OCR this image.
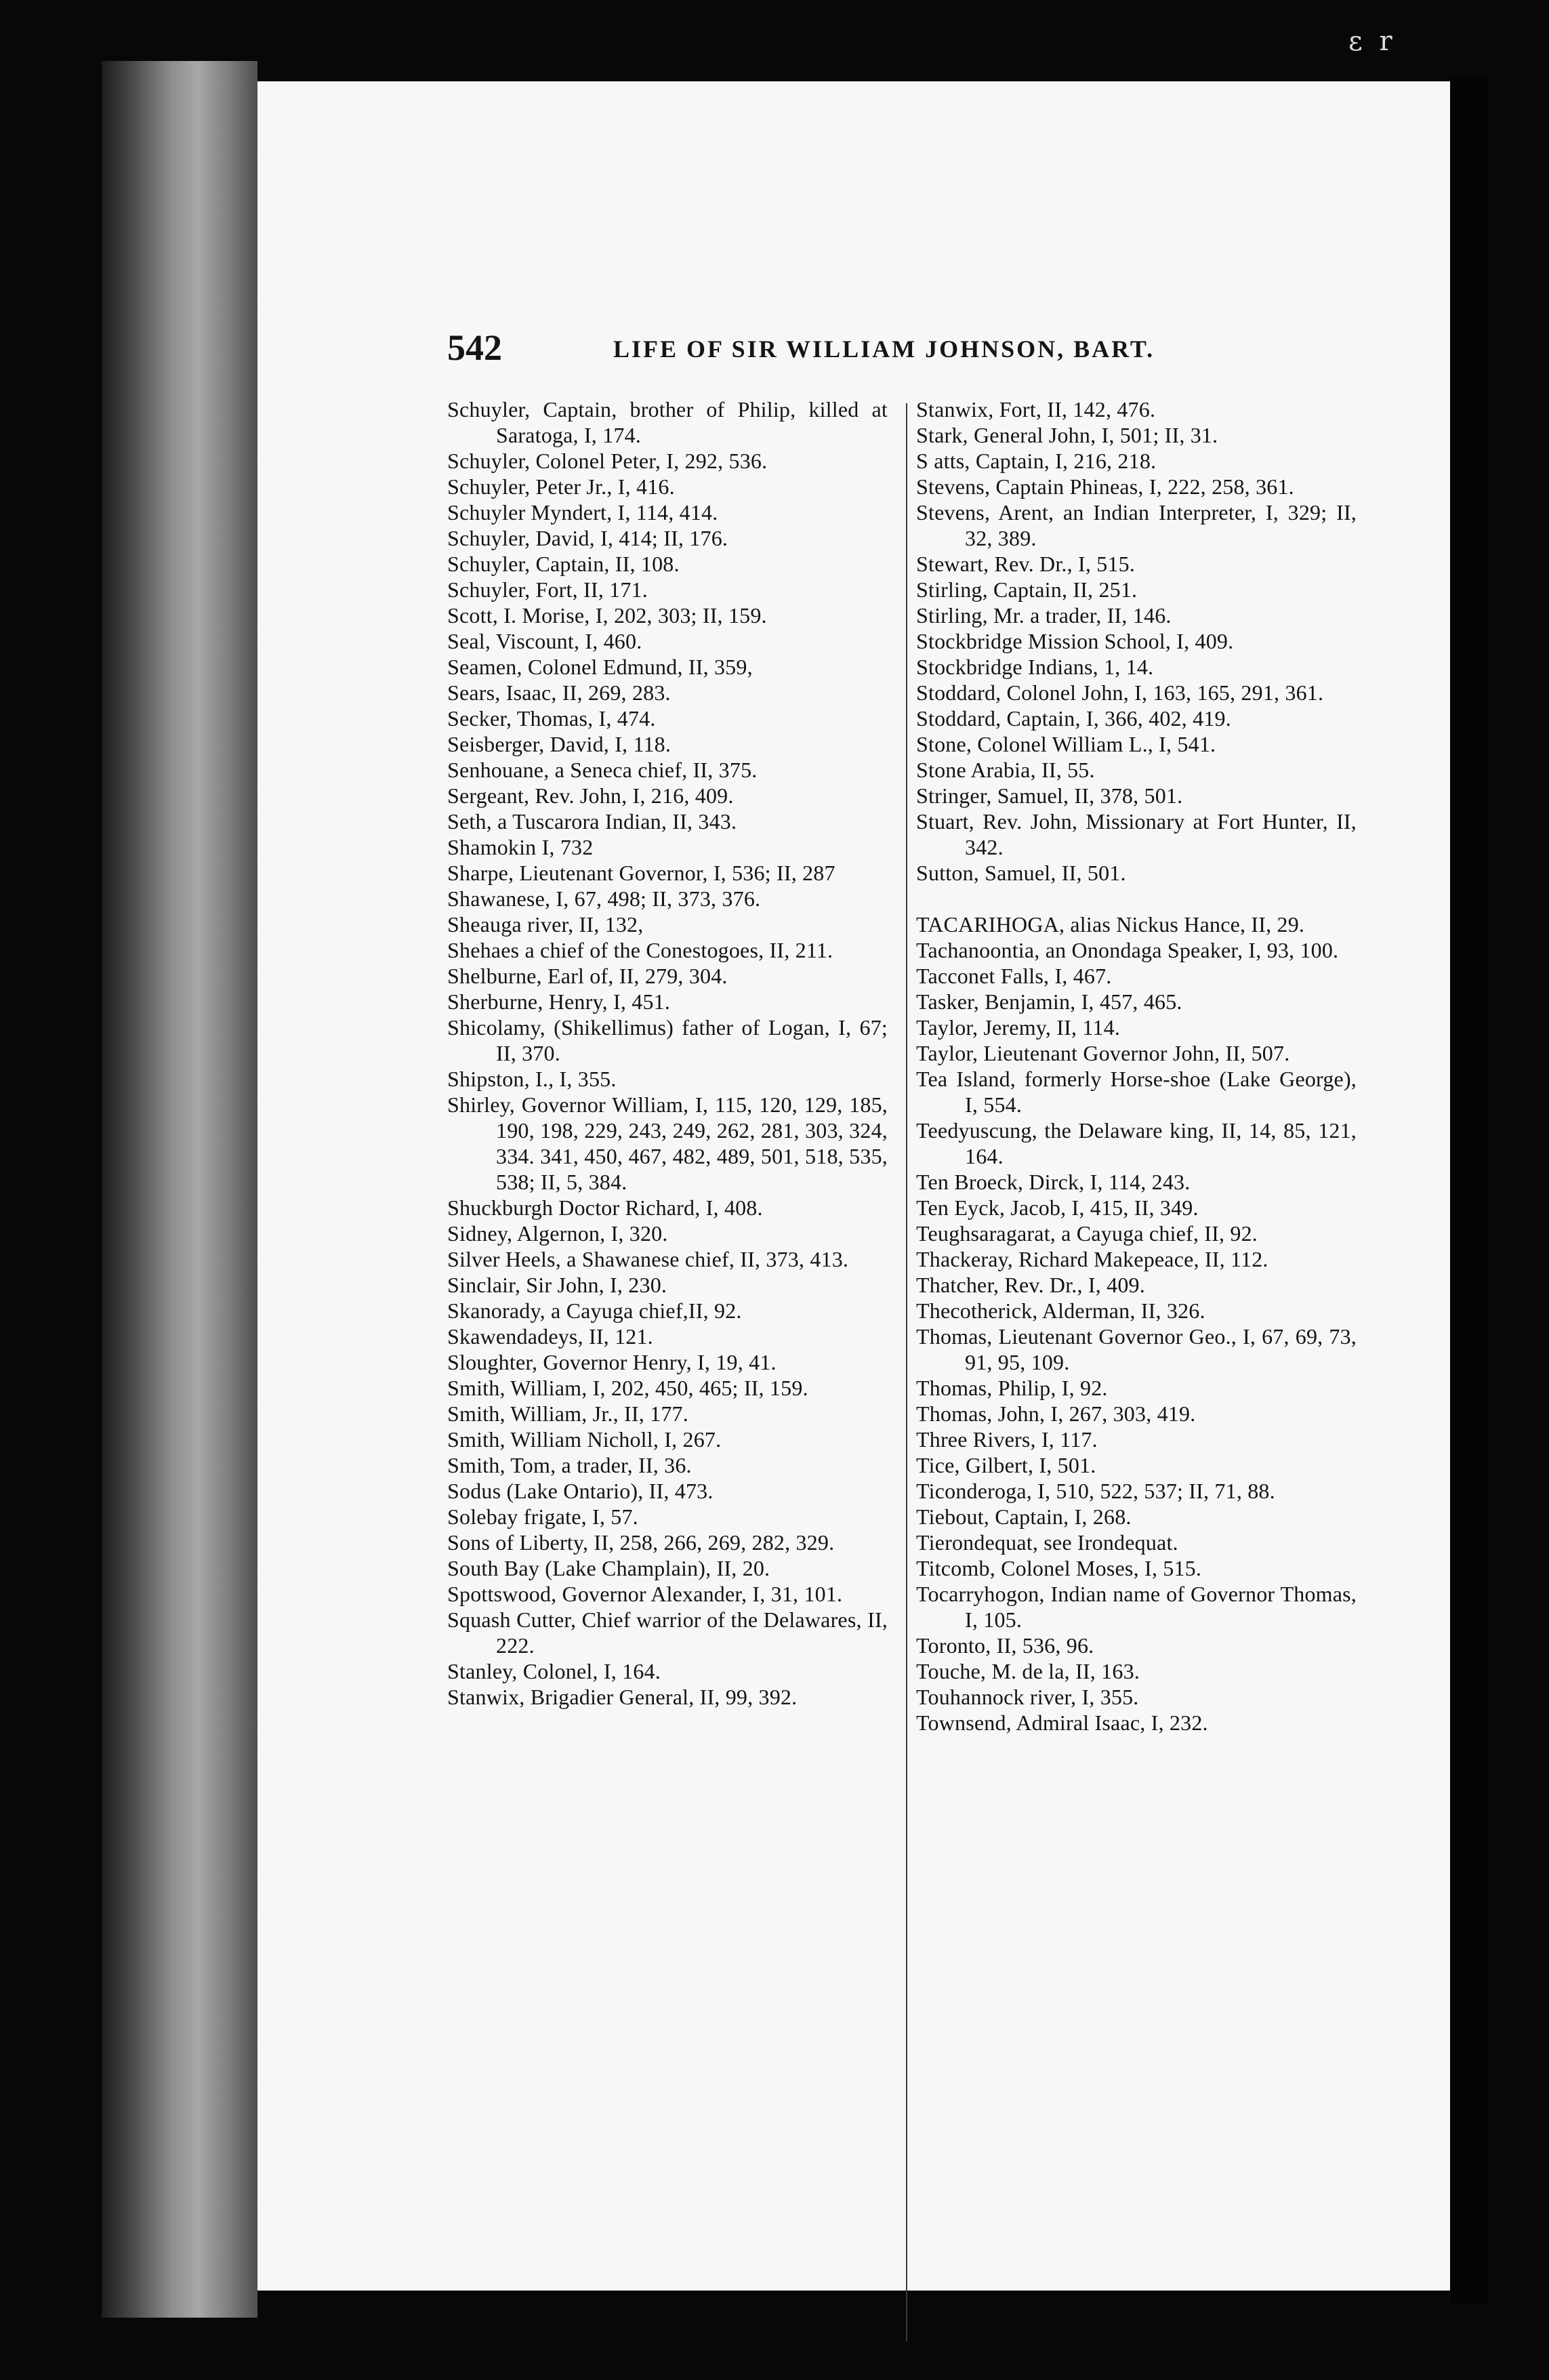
ε r
542	LIFE OF SIR WILLIAM JOHNSON, BART.

Schuyler, Captain, brother of Philip, killed at Saratoga, I, 174.

Schuyler, Colonel Peter, I, 292, 536.

Schuyler, Peter Jr., I, 416.

Schuyler Myndert, I, 114, 414.

Schuyler, David, I, 414; II, 176.

Schuyler, Captain, II, 108.

Schuyler, Fort, II, 171.

Scott, I. Morise, I, 202, 303; II, 159.

Seal, Viscount, I, 460.

Seamen, Colonel Edmund, II, 359,

Sears, Isaac, II, 269, 283.

Secker, Thomas, I, 474.

Seisberger, David, I, 118.

Senhouane, a Seneca chief, II, 375.

Sergeant, Rev. John, I, 216, 409.

Seth, a Tuscarora Indian, II, 343.

Shamokin I, 732

Sharpe, Lieutenant Governor, I, 536; II, 287

Shawanese, I, 67, 498; II, 373, 376.

Sheauga river, II, 132,

Shehaes a chief of the Conestogoes, II, 211.

Shelburne, Earl of, II, 279, 304.

Sherburne, Henry, I, 451.

Shicolamy, (Shikellimus) father of Logan, I, 67; II, 370.

Shipston, I., I, 355.

Shirley, Governor William, I, 115, 120, 129, 185, 190, 198, 229, 243, 249, 262, 281, 303, 324, 334. 341, 450, 467, 482, 489, 501, 518, 535, 538; II, 5, 384.

Shuckburgh Doctor Richard, I, 408.

Sidney, Algernon, I, 320.

Silver Heels, a Shawanese chief, II, 373, 413.

Sinclair, Sir John, I, 230.

Skanorady, a Cayuga chief,II, 92.

Skawendadeys, II, 121.

Sloughter, Governor Henry, I, 19, 41.

Smith, William, I, 202, 450, 465; II, 159.

Smith, William, Jr., II, 177.

Smith, William Nicholl, I, 267.

Smith, Tom, a trader, II, 36.

Sodus (Lake Ontario), II, 473.

Solebay frigate, I, 57.

Sons of Liberty, II, 258, 266, 269, 282, 329.

South Bay (Lake Champlain), II, 20.

Spottswood, Governor Alexander, I, 31, 101.

Squash Cutter, Chief warrior of the Delawares, II, 222.

Stanley, Colonel, I, 164.

Stanwix, Brigadier General, II, 99, 392.

Stanwix, Fort, II, 142, 476.

Stark, General John, I, 501; II, 31.

S atts, Captain, I, 216, 218.

Stevens, Captain Phineas, I, 222, 258, 361.

Stevens, Arent, an Indian Interpreter, I, 329; II, 32, 389.

Stewart, Rev. Dr., I, 515.

Stirling, Captain, II, 251.

Stirling, Mr. a trader, II, 146.

Stockbridge Mission School, I, 409.

Stockbridge Indians, 1, 14.

Stoddard, Colonel John, I, 163, 165, 291, 361.

Stoddard, Captain, I, 366, 402, 419.

Stone, Colonel William L., I, 541.

Stone Arabia, II, 55.

Stringer, Samuel, II, 378, 501.

Stuart, Rev. John, Missionary at Fort Hunter, II, 342.

Sutton, Samuel, II, 501.

TACARIHOGA, alias Nickus Hance, II, 29.

Tachanoontia, an Onondaga Speaker, I, 93, 100.

Tacconet Falls, I, 467.

Tasker, Benjamin, I, 457, 465.

Taylor, Jeremy, II, 114.

Taylor, Lieutenant Governor John, II, 507.

Tea Island, formerly Horse-shoe (Lake George), I, 554.

Teedyuscung, the Delaware king, II, 14, 85, 121, 164.

Ten Broeck, Dirck, I, 114, 243.

Ten Eyck, Jacob, I, 415, II, 349.

Teughsaragarat, a Cayuga chief, II, 92.

Thackeray, Richard Makepeace, II, 112.

Thatcher, Rev. Dr., I, 409.

Thecotherick, Alderman, II, 326.

Thomas, Lieutenant Governor Geo., I, 67, 69, 73, 91, 95, 109.

Thomas, Philip, I, 92.

Thomas, John, I, 267, 303, 419.

Three Rivers, I, 117.

Tice, Gilbert, I, 501.

Ticonderoga, I, 510, 522, 537; II, 71, 88.

Tiebout, Captain, I, 268.

Tierondequat, see Irondequat.

Titcomb, Colonel Moses, I, 515.

Tocarryhogon, Indian name of Governor Thomas, I, 105.

Toronto, II, 536, 96.

Touche, M. de la, II, 163.

Touhannock river, I, 355.

Townsend, Admiral Isaac, I, 232.
